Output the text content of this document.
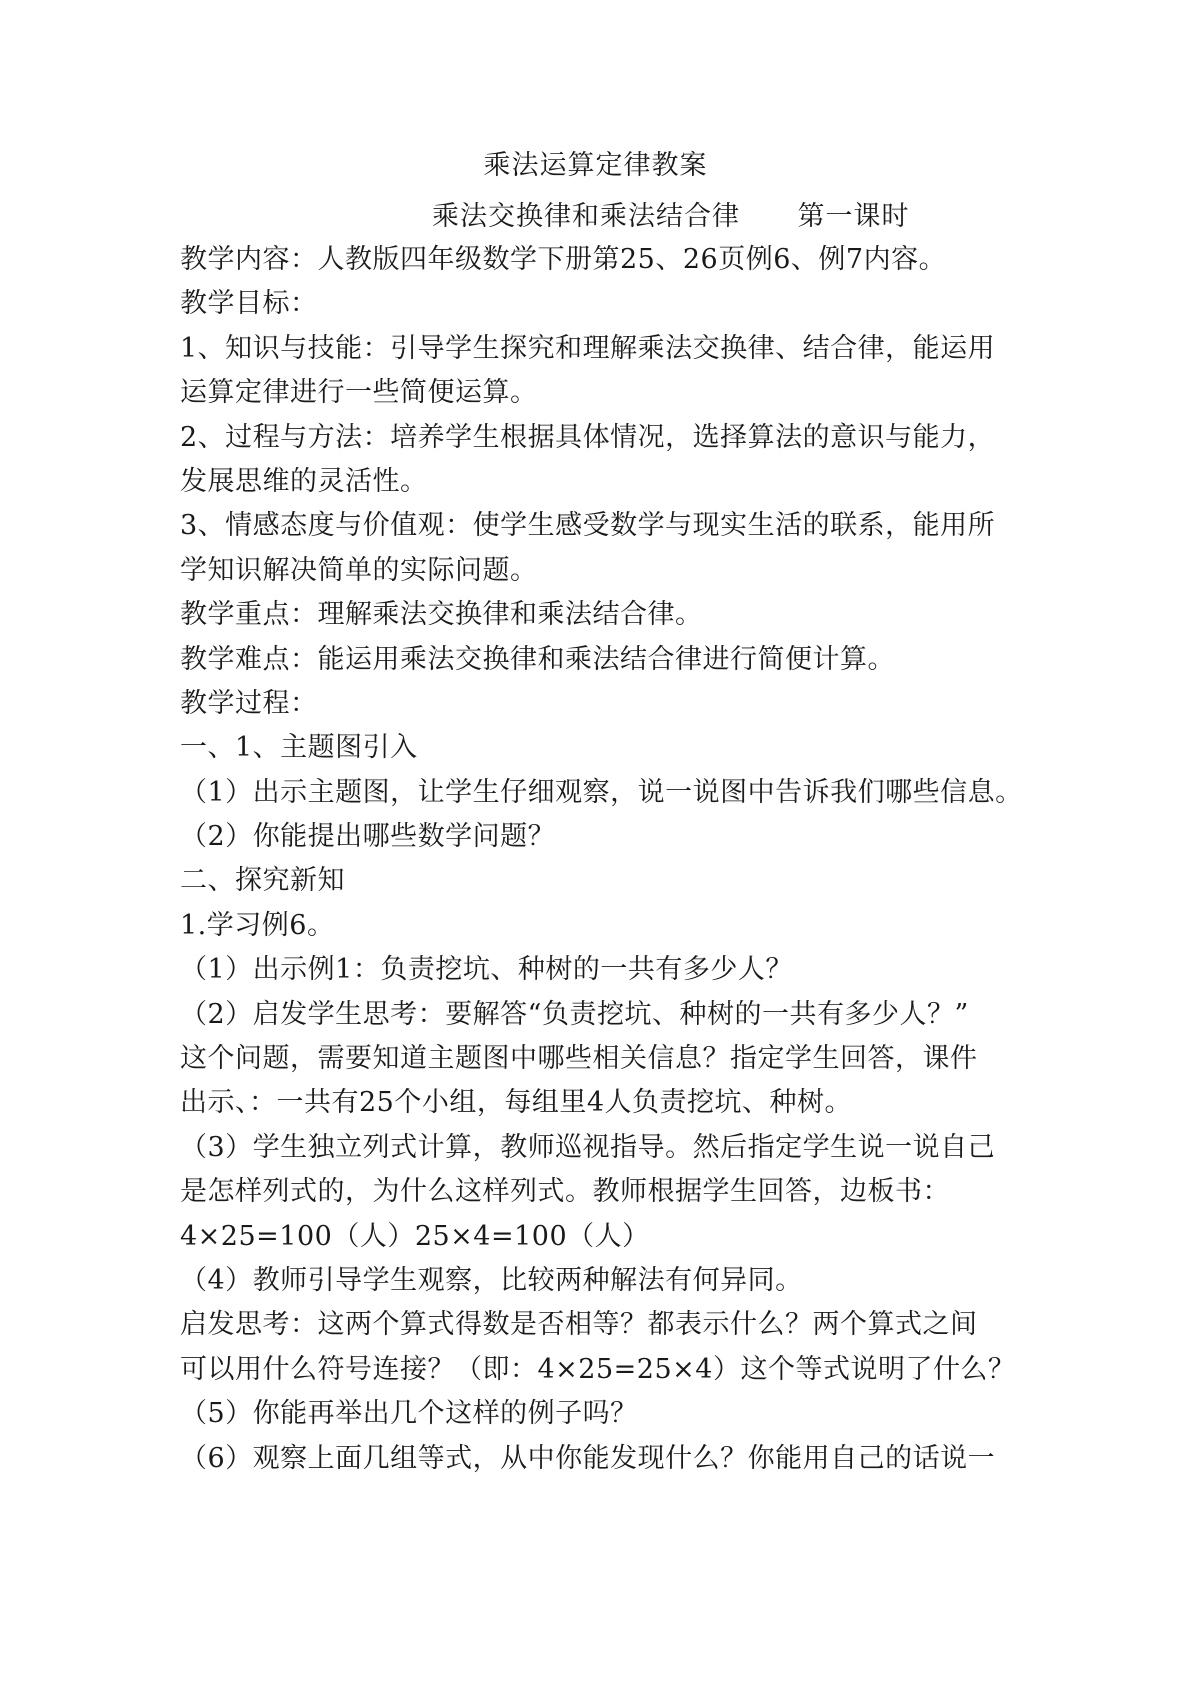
乘法运算定律教案
乘法交换律和乘法结合律 第一课时
教学内容：人教版四年级数学下册第25、26页例6、例7内容。
教学目标：
1、知识与技能：引导学生探究和理解乘法交换律、结合律，能运用
运算定律进行一些简便运算。
2、过程与方法：培养学生根据具体情况，选择算法的意识与能力，
发展思维的灵活性。
3、情感态度与价值观：使学生感受数学与现实生活的联系，能用所
学知识解决简单的实际问题。
教学重点：理解乘法交换律和乘法结合律。
教学难点：能运用乘法交换律和乘法结合律进行简便计算。
教学过程：
一、1、主题图引入
（1）出示主题图，让学生仔细观察，说一说图中告诉我们哪些信息。
（2）你能提出哪些数学问题？
二、探究新知
1.学习例6。
（1）出示例1：负责挖坑、种树的一共有多少人？
（2）启发学生思考：要解答“负责挖坑、种树的一共有多少人？”
这个问题，需要知道主题图中哪些相关信息？指定学生回答，课件
出示、：一共有25个小组，每组里4人负责挖坑、种树。
（3）学生独立列式计算，教师巡视指导。然后指定学生说一说自己
是怎样列式的，为什么这样列式。教师根据学生回答，边板书：
4×25=100（人）25×4=100（人）
（4）教师引导学生观察，比较两种解法有何异同。
启发思考：这两个算式得数是否相等？都表示什么？两个算式之间
可以用什么符号连接？（即：4×25=25×4）这个等式说明了什么？
（5）你能再举出几个这样的例子吗？
（6）观察上面几组等式，从中你能发现什么？你能用自己的话说一
